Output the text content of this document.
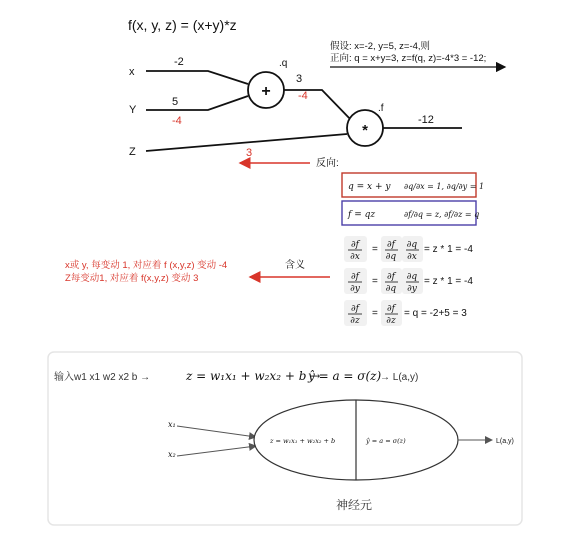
f(x, y, z) = (x+y)*z
x
Y
Z
-2
5
-4
+
.q
3
-4
*
.f
-12
假设: x=-2, y=5, z=-4,则
正向: q = x+y=3, z=f(q, z)=-4*3 = -12;
3
反向:
q = x + y ∂q/∂x = 1, ∂q/∂y = 1
f = qz	∂f/∂q = z, ∂f/∂z = q
∂f
∂x
= ∂f
∂q
∂q
∂x
= z * 1 = -4
∂f
∂y
= ∂f
∂q
∂q
∂y
= z * 1 = -4
∂f
∂z
= ∂f
∂z
= q = -2+5 = 3
含义
x或 y, 每变动 1, 对应着 f (x,y,z) 变动 -4
Z每变动1, 对应着 f(x,y,z) 变动 3
输入w1 x1 w2 x2 b →	z = w₁x₁ + w₂x₂ + b →
ŷ = a = σ(z)
→ L(a,y)
x₁
x₂
z = w₁x₁ + w₂x₂ + b	ŷ = a = σ(z)	L(a,y)
神经元
